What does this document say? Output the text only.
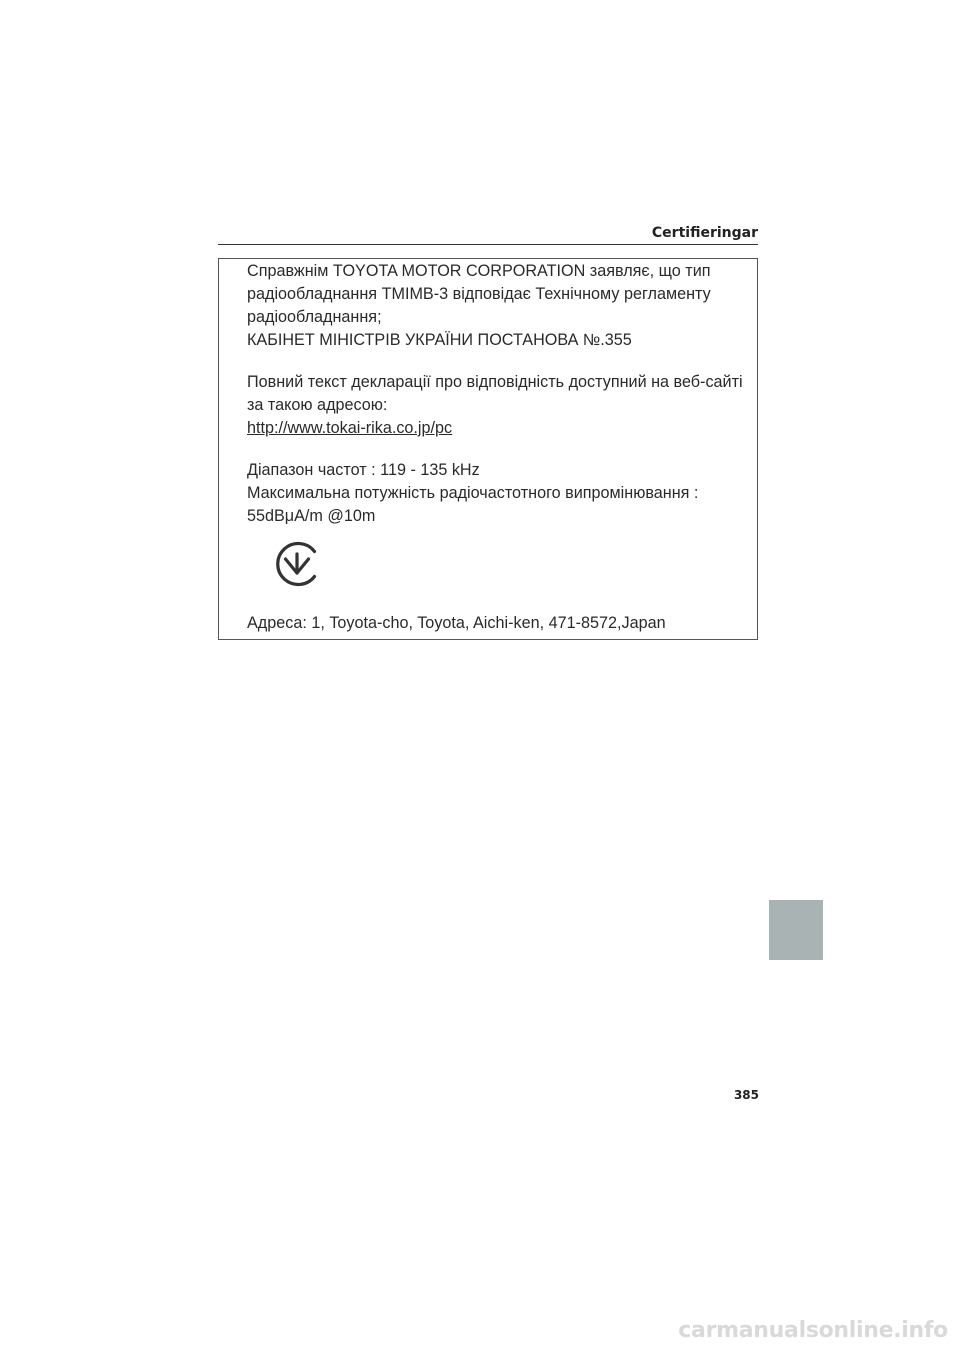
Certifieringar

Справжнім TOYOTA MOTOR CORPORATION заявляє, що тип
радіообладнання TMIMB-3 відповідає Технічному регламенту
радіообладнання;
КАБІНЕТ МІНІСТРІВ УКРАЇНИ ПОСТАНОВА №.355

Повний текст декларації про відповідність доступний на веб-сайті
за такою адресою:
http://www.tokai-rika.co.jp/pc

Діапазон частот : 119 - 135 kHz
Максимальна потужність радіочастотного випромінювання :
55dBμA/m @10m

Адреса: 1, Toyota-cho, Toyota, Aichi-ken, 471-8572,Japan

385

carmanualsonline.info
